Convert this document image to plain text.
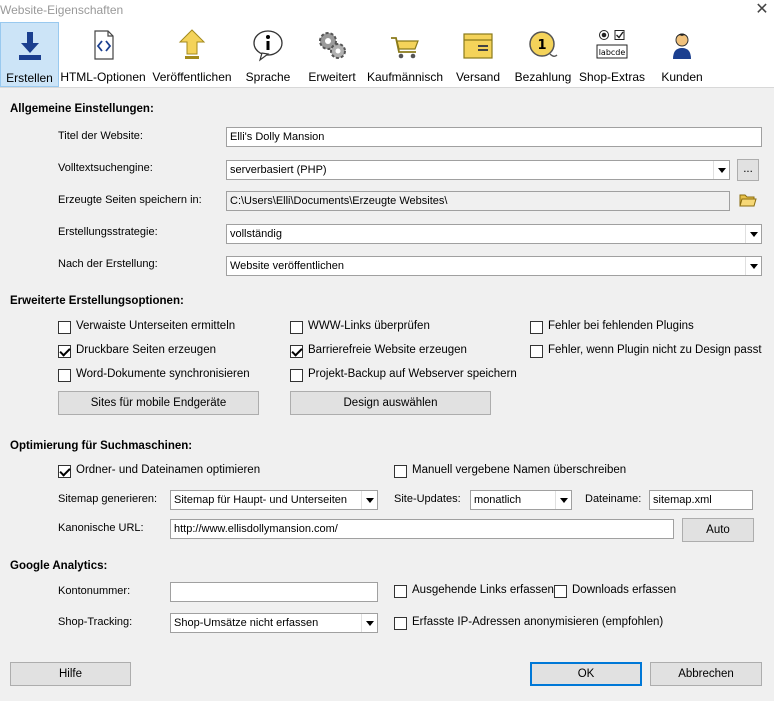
Website-Eigenschaften	✕
Erstellen HTML-Optionen Veröffentlichen	Sprache	Erweitert Kaufmännisch	Versand
1
Bezahlung
labcde
Shop-Extras	Kunden
Allgemeine Einstellungen:
Titel der Website:	Elli's Dolly Mansion
Volltextsuchengine:	serverbasiert (PHP)	...
Erzeugte Seiten speichern in:	C:\Users\Elli\Documents\Erzeugte Websites\
Erstellungsstrategie:	vollständig
Nach der Erstellung:	Website veröffentlichen
Erweiterte Erstellungsoptionen:
Verwaiste Unterseiten ermitteln	WWW-Links überprüfen	Fehler bei fehlenden Plugins
Druckbare Seiten erzeugen	Barrierefreie Website erzeugen	Fehler, wenn Plugin nicht zu Design passt
Word-Dokumente synchronisieren	Projekt-Backup auf Webserver speichern
Sites für mobile Endgeräte	Design auswählen
Optimierung für Suchmaschinen:
Ordner- und Dateinamen optimieren	Manuell vergebene Namen überschreiben
Sitemap generieren:	Sitemap für Haupt- und Unterseiten	Site-Updates:	monatlich	Dateiname:	sitemap.xml
Kanonische URL:	http://www.ellisdollymansion.com/	Auto
Google Analytics:
Kontonummer:	Ausgehende Links erfassen Downloads erfassen
Shop-Tracking:	Shop-Umsätze nicht erfassen	Erfasste IP-Adressen anonymisieren (empfohlen)
Hilfe	OK	Abbrechen
